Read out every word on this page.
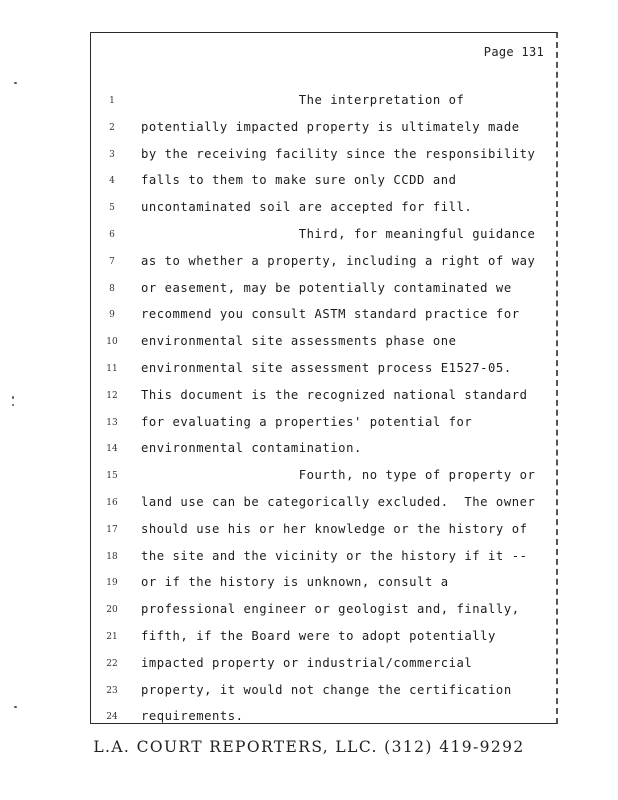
Page 131
1	The interpretation of
2	potentially impacted property is ultimately made
3	by the receiving facility since the responsibility
4	falls to them to make sure only CCDD and
5	uncontaminated soil are accepted for fill.
6	Third, for meaningful guidance
7	as to whether a property, including a right of way
8	or easement, may be potentially contaminated we
9	recommend you consult ASTM standard practice for
10 environmental site assessments phase one
11 environmental site assessment process E1527-05.
12 This document is the recognized national standard
13 for evaluating a properties' potential for
14 environmental contamination.
15 Fourth, no type of property or
16 land use can be categorically excluded.  The owner
17 should use his or her knowledge or the history of
18 the site and the vicinity or the history if it --
19 or if the history is unknown, consult a
20 professional engineer or geologist and, finally,
21 fifth, if the Board were to adopt potentially
22 impacted property or industrial/commercial
23 property, it would not change the certification
24 requirements.
L.A. COURT REPORTERS, LLC. (312) 419-9292
